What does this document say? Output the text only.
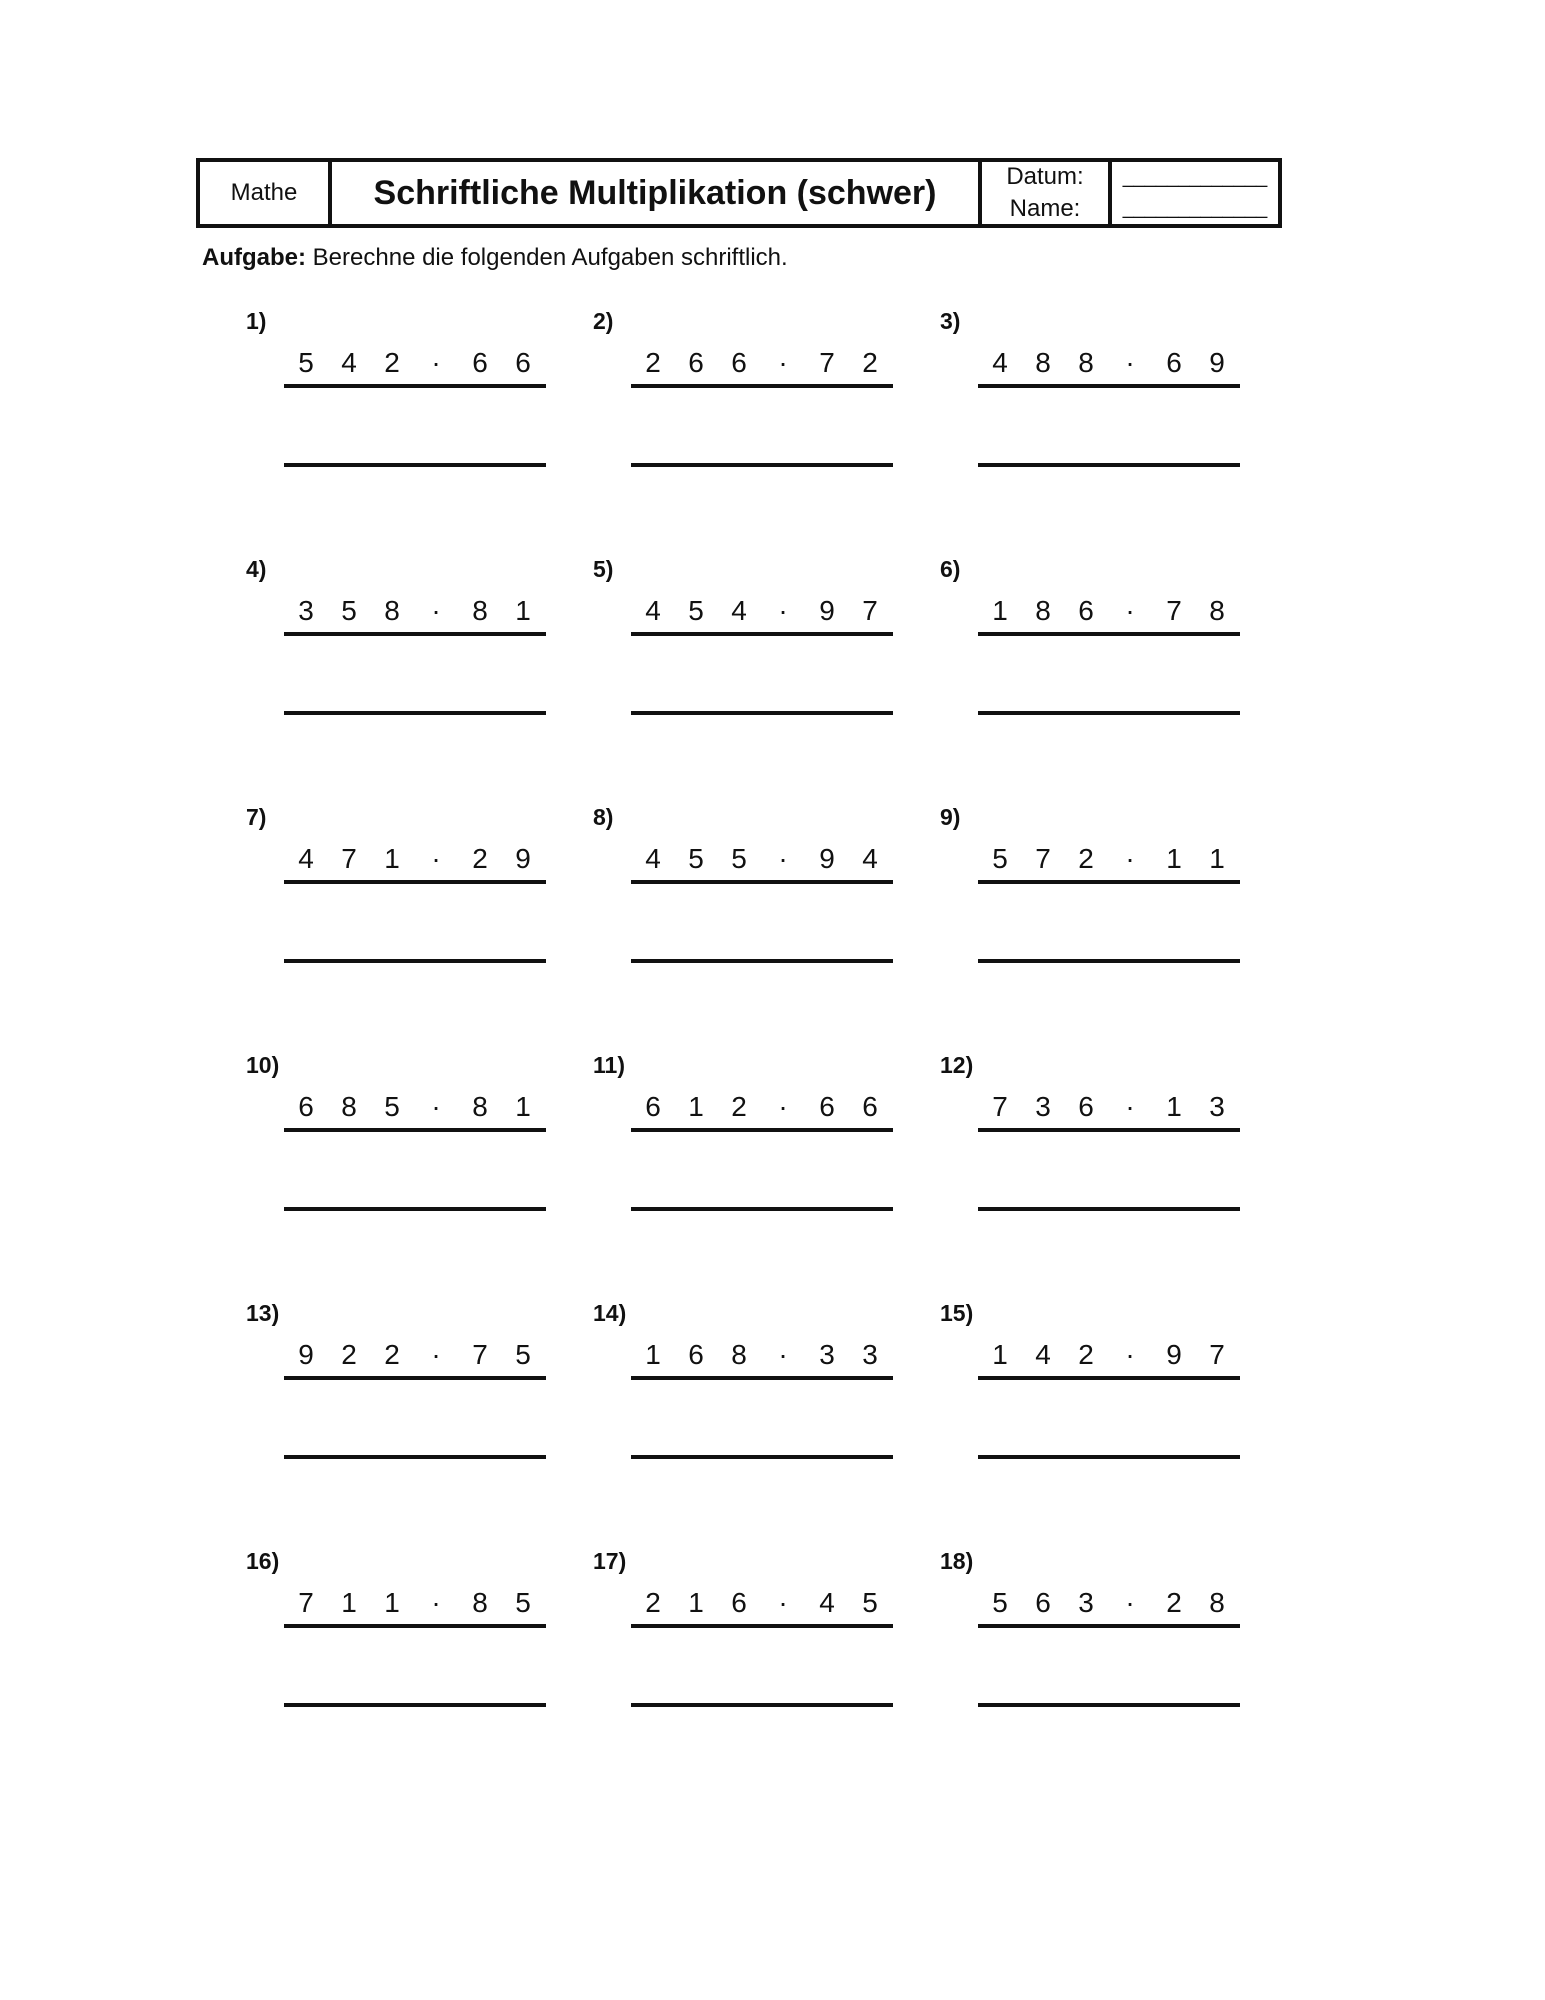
Mathe	Schriftliche Multiplikation (schwer)	Datum:
Name:
_____________
_____________
Aufgabe: Berechne die folgenden Aufgaben schriftlich.
1)
5 4 2 · 6 6
2)
2 6 6 · 7 2
3)
4 8 8 · 6 9
4)
3 5 8 · 8 1
5)
4 5 4 · 9 7
6)
1 8 6 · 7 8
7)
4 7 1 · 2 9
8)
4 5 5 · 9 4
9)
5 7 2 · 1 1
10)
6 8 5 · 8 1
11)
6 1 2 · 6 6
12)
7 3 6 · 1 3
13)
9 2 2 · 7 5
14)
1 6 8 · 3 3
15)
1 4 2 · 9 7
16)
7 1 1 · 8 5
17)
2 1 6 · 4 5
18)
5 6 3 · 2 8
